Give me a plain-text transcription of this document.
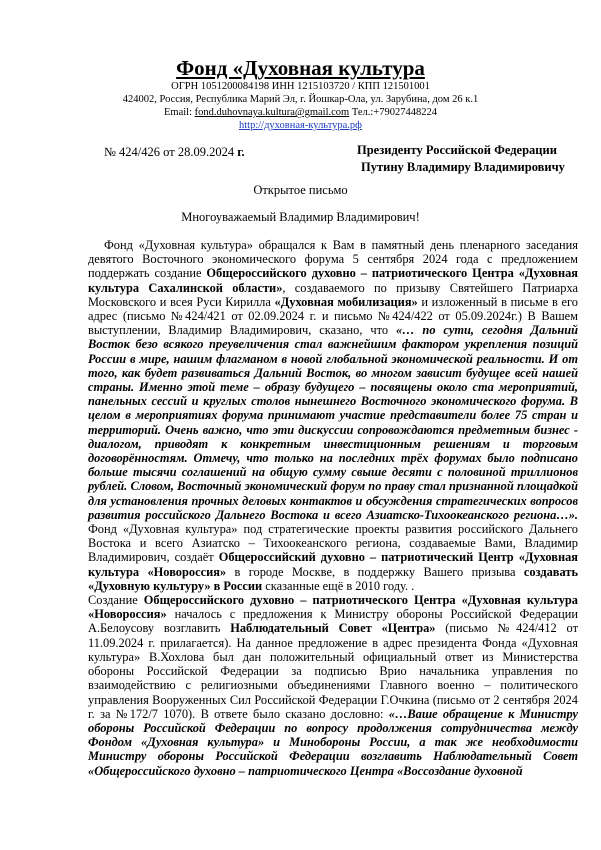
Фонд «Духовная культура
ОГРН 1051200084198 ИНН 1215103720 / КПП 121501001
424002, Россия, Республика Марий Эл, г. Йошкар-Ола, ул. Зарубина, дом 26 к.1
Email: fond.duhovnaya.kultura@gmail.com Тел.:+79027448224
http://духовная-культура.рф
№ 424/426 от 28.09.2024 г.	Президенту Российской Федерации
Путину Владимиру Владимировичу
Открытое письмо
Многоуважаемый Владимир Владимирович!

Фонд «Духовная культура» обращался к Вам в памятный день пленарного заседания девятого Восточного экономического форума 5 сентября 2024 года с предложением поддержать создание Общероссийского духовно – патриотического Центра «Духовная культура Сахалинской области», создаваемого по призыву Святейшего Патриарха Московского и всея Руси Кирилла «Духовная мобилизация» и изложенный в письме в его адрес (письмо №424/421 от 02.09.2024 г. и письмо №424/422 от 05.09.2024г.) В Вашем выступлении, Владимир Владимирович, сказано, что «… по сути, сегодня Дальний Восток безо всякого преувеличения стал важнейшим фактором укрепления позиций России в мире, нашим флагманом в новой глобальной экономической реальности. И от того, как будет развиваться Дальний Восток, во многом зависит будущее всей нашей страны. Именно этой теме – образу будущего – посвящены около ста мероприятий, панельных сессий и круглых столов нынешнего Восточного экономического форума. В целом в мероприятиях форума принимают участие представители более 75 стран и территорий. Очень важно, что эти дискуссии сопровождаются предметным бизнес - диалогом, приводят к конкретным инвестиционным решениям и торговым договорённостям. Отмечу, что только на последних трёх форумах было подписано больше тысячи соглашений на общую сумму свыше десяти с половиной триллионов рублей. Словом, Восточный экономический форум по праву стал признанной площадкой для установления прочных деловых контактов и обсуждения стратегических вопросов развития российского Дальнего Востока и всего Азиатско-Тихоокеанского региона…». Фонд «Духовная культура» под стратегические проекты развития российского Дальнего Востока и всего Азиатско – Тихоокеанского региона, создаваемые Вами, Владимир Владимирович, создаёт Общероссийский духовно – патриотический Центр «Духовная культура «Новороссия» в городе Москве, в поддержку Вашего призыва создавать «Духовную культуру» в России сказанные ещё в 2010 году. .

Создание Общероссийского духовно – патриотического Центра «Духовная культура «Новороссия» началось с предложения к Министру обороны Российской Федерации А.Белоусову возглавить Наблюдательный Совет «Центра» (письмо №424/412 от 11.09.2024 г. прилагается). На данное предложение в адрес президента Фонда «Духовная культура» В.Хохлова был дан положительный официальный ответ из Министерства обороны Российской Федерации за подписью Врио начальника управления по взаимодействию с религиозными объединениями Главного военно – политического управления Вооруженных Сил Российской Федерации Г.Очкина (письмо от 2 сентября 2024 г. за №172/7 1070). В ответе было сказано дословно: «…Ваше обращение к Министру обороны Российской Федерации по вопросу продолжения сотрудничества между Фондом «Духовная культура» и Минобороны России, а так же необходимости Министру обороны Российской Федерации возглавить Наблюдательный Совет «Общероссийского духовно – патриотического Центра «Воссоздание духовной
